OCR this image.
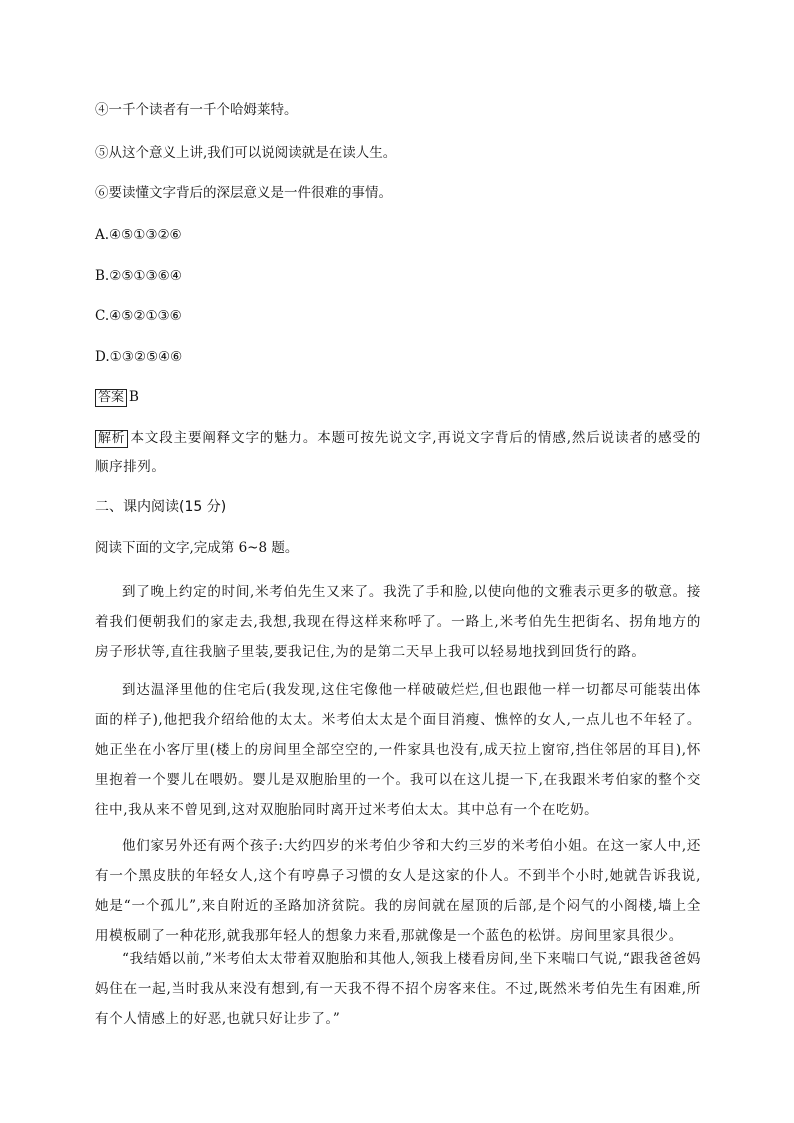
④一千个读者有一千个哈姆莱特。
⑤从这个意义上讲,我们可以说阅读就是在读人生。
⑥要读懂文字背后的深层意义是一件很难的事情。
A.④⑤①③②⑥
B.②⑤①③⑥④
C.④⑤②①③⑥
D.①③②⑤④⑥
答案 B
解析 本文段主要阐释文字的魅力。本题可按先说文字,再说文字背后的情感,然后说读者的感受的顺序排列。
二、课内阅读(15 分)
阅读下面的文字,完成第 6~8 题。
到了晚上约定的时间,米考伯先生又来了。我洗了手和脸,以使向他的文雅表示更多的敬意。接着我们便朝我们的家走去,我想,我现在得这样来称呼了。一路上,米考伯先生把街名、拐角地方的房子形状等,直往我脑子里装,要我记住,为的是第二天早上我可以轻易地找到回货行的路。
到达温泽里他的住宅后(我发现,这住宅像他一样破破烂烂,但也跟他一样一切都尽可能装出体面的样子),他把我介绍给他的太太。米考伯太太是个面目消瘦、憔悴的女人,一点儿也不年轻了。她正坐在小客厅里(楼上的房间里全部空空的,一件家具也没有,成天拉上窗帘,挡住邻居的耳目),怀里抱着一个婴儿在喂奶。婴儿是双胞胎里的一个。我可以在这儿提一下,在我跟米考伯家的整个交往中,我从来不曾见到,这对双胞胎同时离开过米考伯太太。其中总有一个在吃奶。
他们家另外还有两个孩子:大约四岁的米考伯少爷和大约三岁的米考伯小姐。在这一家人中,还有一个黑皮肤的年轻女人,这个有哼鼻子习惯的女人是这家的仆人。不到半个小时,她就告诉我说,她是“一个孤儿”,来自附近的圣路加济贫院。我的房间就在屋顶的后部,是个闷气的小阁楼,墙上全用模板刷了一种花形,就我那年轻人的想象力来看,那就像是一个蓝色的松饼。房间里家具很少。
“我结婚以前,”米考伯太太带着双胞胎和其他人,领我上楼看房间,坐下来喘口气说,“跟我爸爸妈妈住在一起,当时我从来没有想到,有一天我不得不招个房客来住。不过,既然米考伯先生有困难,所有个人情感上的好恶,也就只好让步了。”
